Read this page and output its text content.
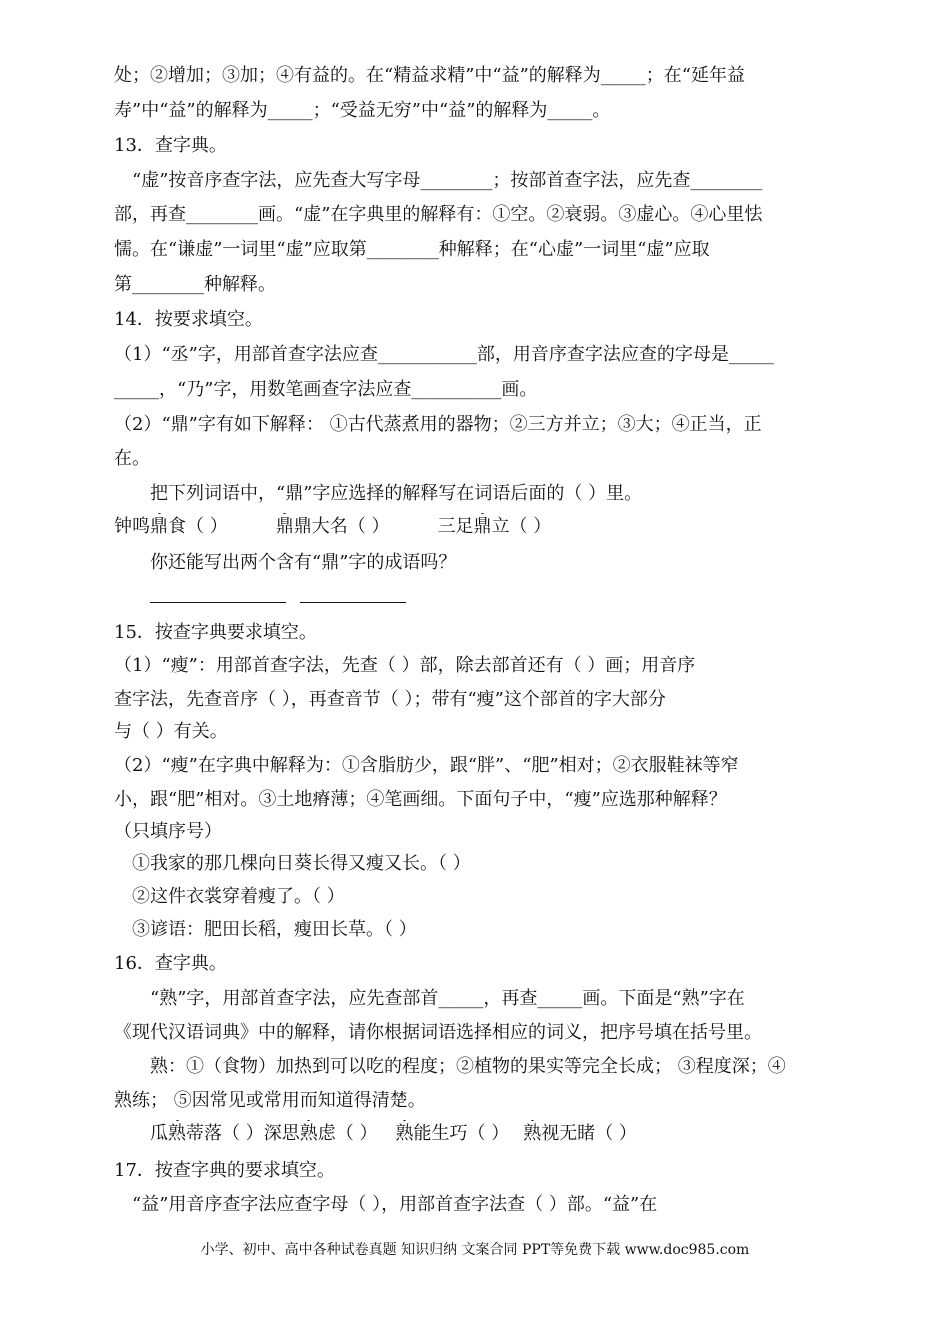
处；②增加；③加；④有益的。在“精益求精”中“益”的解释为_____；在“延年益
寿”中“益”的解释为_____；“受益无穷”中“益”的解释为_____。
13．查字典。
“虚”按音序查字法，应先查大写字母________；按部首查字法，应先查________
部，再查________画。“虚”在字典里的解释有：①空。②衰弱。③虚心。④心里怯
懦。在“谦虚”一词里“虚”应取第________种解释；在“心虚”一词里“虚”应取
第________种解释。
14．按要求填空。
（1）“丞”字，用部首查字法应查___________部，用音序查字法应查的字母是_____
_____，“乃”字，用数笔画查字法应查__________画。
（2）“鼎”字有如下解释： ①古代蒸煮用的器物；②三方并立；③大；④正当，正
在。
把下列词语中，“鼎”字应选择的解释写在词语后面的（ ）里。
钟鸣鼎食（ ）	鼎鼎大名（ ）	三足鼎立（ ）
你还能写出两个含有“鼎”字的成语吗？
15．按查字典要求填空。
（1）“瘦”：用部首查字法，先查（ ）部，除去部首还有（ ）画；用音序
查字法，先查音序（ ），再查音节（ ）；带有“瘦”这个部首的字大部分
与（ ）有关。
（2）“瘦”在字典中解释为：①含脂肪少，跟“胖”、“肥”相对；②衣服鞋袜等窄
小，跟“肥”相对。③土地瘠薄；④笔画细。下面句子中，“瘦”应选那种解释？
（只填序号）
①我家的那几棵向日葵长得又瘦又长。（ ）
②这件衣裳穿着瘦了。（ ）
③谚语：肥田长稻，瘦田长草。（ ）
16．查字典。
“熟”字，用部首查字法，应先查部首_____，再查_____画。下面是“熟”字在
《现代汉语词典》中的解释，请你根据词语选择相应的词义，把序号填在括号里。
熟：①（食物）加热到可以吃的程度；②植物的果实等完全长成； ③程度深；④
熟练； ⑤因常见或常用而知道得清楚。
瓜熟蒂落（ ）深思熟虑（ ） 熟能生巧（ ） 熟视无睹（ ）
17．按查字典的要求填空。
“益”用音序查字法应查字母（ ），用部首查字法查（ ）部。“益”在
小学、初中、高中各种试卷真题 知识归纳 文案合同 PPT等免费下载 www.doc985.com
